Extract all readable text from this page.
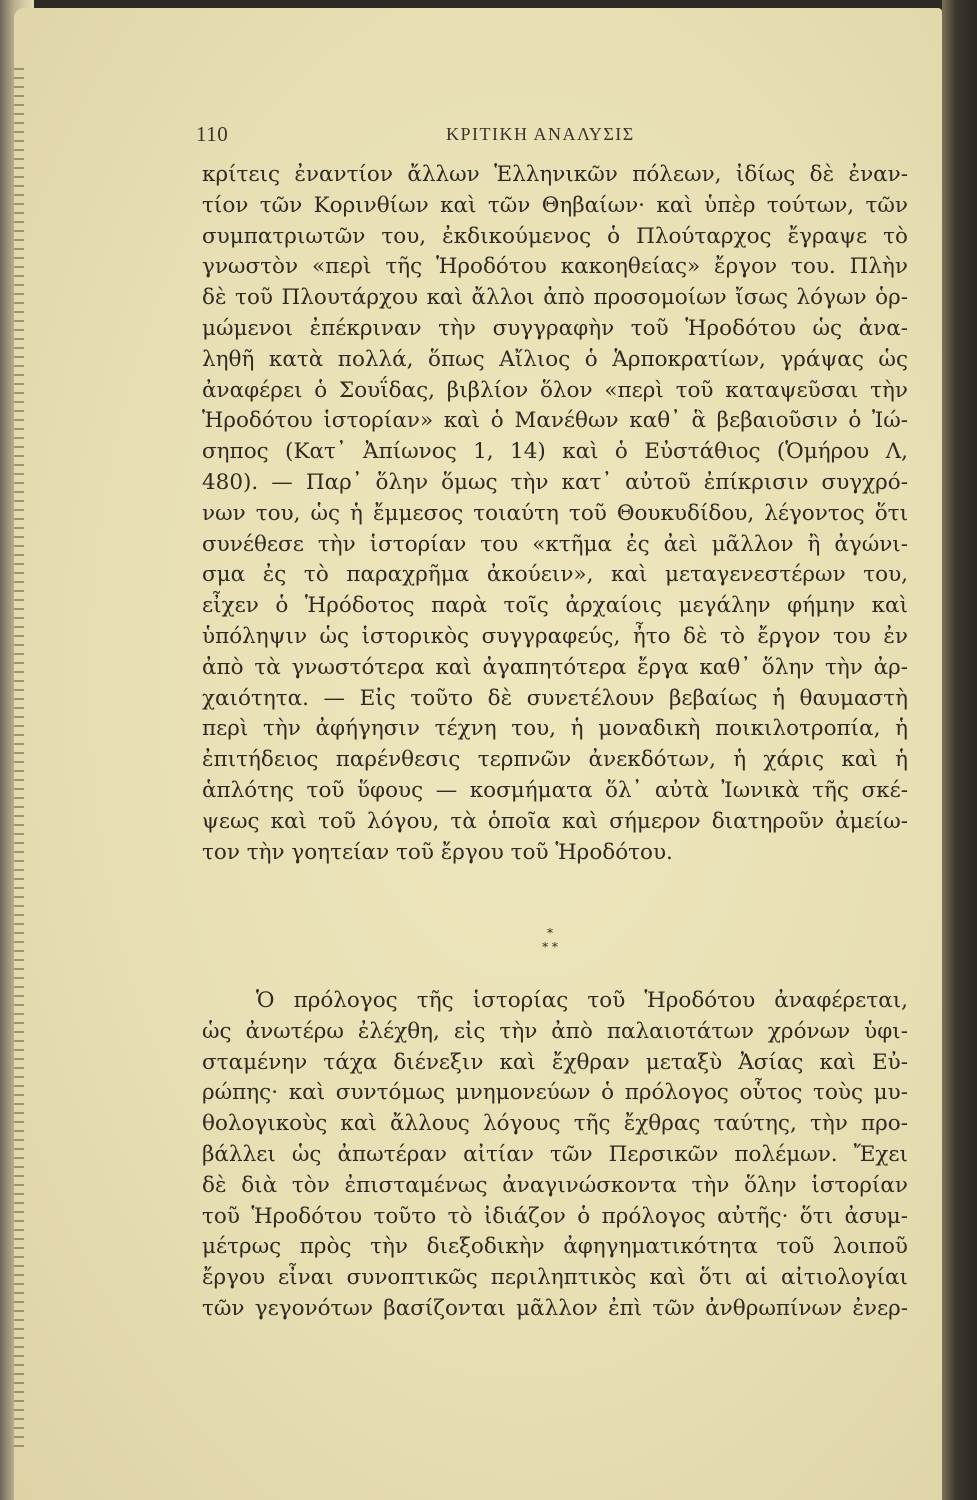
110	ΚΡΙΤΙΚΗ ΑΝΑΛΥΣΙΣ
κρίτεις ἐναντίον ἄλλων Ἑλληνικῶν πόλεων, ἰδίως δὲ ἐναν-
τίον τῶν Κορινθίων καὶ τῶν Θηβαίων· καὶ ὑπὲρ τούτων, τῶν
συμπατριωτῶν του, ἐκδικούμενος ὁ Πλούταρχος ἔγραψε τὸ
γνωστὸν «περὶ τῆς Ἡροδότου κακοηθείας» ἔργον του. Πλὴν
δὲ τοῦ Πλουτάρχου καὶ ἄλλοι ἀπὸ προσομοίων ἴσως λόγων ὁρ-
μώμενοι ἐπέκριναν τὴν συγγραφὴν τοῦ Ἡροδότου ὡς ἀνα-
ληθῆ κατὰ πολλά, ὅπως Αἴλιος ὁ Ἁρποκρατίων, γράψας ὡς
ἀναφέρει ὁ Σουΐδας, βιβλίον ὅλον «περὶ τοῦ καταψεῦσαι τὴν
Ἡροδότου ἱστορίαν» καὶ ὁ Μανέθων καθ᾽ ἃ βεβαιοῦσιν ὁ Ἰώ-
σηπος (Κατ᾽ Ἀπίωνος 1, 14) καὶ ὁ Εὐστάθιος (Ὁμήρου Λ,
480). — Παρ᾽ ὅλην ὅμως τὴν κατ᾽ αὐτοῦ ἐπίκρισιν συγχρό-
νων του, ὡς ἡ ἔμμεσος τοιαύτη τοῦ Θουκυδίδου, λέγοντος ὅτι
συνέθεσε τὴν ἱστορίαν του «κτῆμα ἐς ἀεὶ μᾶλλον ἢ ἀγώνι-
σμα ἐς τὸ παραχρῆμα ἀκούειν», καὶ μεταγενεστέρων του,
εἶχεν ὁ Ἡρόδοτος παρὰ τοῖς ἀρχαίοις μεγάλην φήμην καὶ
ὑπόληψιν ὡς ἱστορικὸς συγγραφεύς, ἦτο δὲ τὸ ἔργον του ἐν
ἀπὸ τὰ γνωστότερα καὶ ἀγαπητότερα ἔργα καθ᾽ ὅλην τὴν ἀρ-
χαιότητα. — Εἰς τοῦτο δὲ συνετέλουν βεβαίως ἡ θαυμαστὴ
περὶ τὴν ἀφήγησιν τέχνη του, ἡ μοναδικὴ ποικιλοτροπία, ἡ
ἐπιτήδειος παρένθεσις τερπνῶν ἀνεκδότων, ἡ χάρις καὶ ἡ
ἁπλότης τοῦ ὕφους — κοσμήματα ὅλ᾽ αὐτὰ Ἰωνικὰ τῆς σκέ-
ψεως καὶ τοῦ λόγου, τὰ ὁποῖα καὶ σήμερον διατηροῦν ἀμείω-
τον τὴν γοητείαν τοῦ ἔργου τοῦ Ἡροδότου.
*
* *
Ὁ πρόλογος τῆς ἱστορίας τοῦ Ἡροδότου ἀναφέρεται,
ὡς ἀνωτέρω ἐλέχθη, εἰς τὴν ἀπὸ παλαιοτάτων χρόνων ὑφι-
σταμένην τάχα διένεξιν καὶ ἔχθραν μεταξὺ Ἀσίας καὶ Εὐ-
ρώπης· καὶ συντόμως μνημονεύων ὁ πρόλογος οὗτος τοὺς μυ-
θολογικοὺς καὶ ἄλλους λόγους τῆς ἔχθρας ταύτης, τὴν προ-
βάλλει ὡς ἀπωτέραν αἰτίαν τῶν Περσικῶν πολέμων. Ἔχει
δὲ διὰ τὸν ἐπισταμένως ἀναγινώσκοντα τὴν ὅλην ἱστορίαν
τοῦ Ἡροδότου τοῦτο τὸ ἰδιάζον ὁ πρόλογος αὐτῆς· ὅτι ἀσυμ-
μέτρως πρὸς τὴν διεξοδικὴν ἀφηγηματικότητα τοῦ λοιποῦ
ἔργου εἶναι συνοπτικῶς περιληπτικὸς καὶ ὅτι αἱ αἰτιολογίαι
τῶν γεγονότων βασίζονται μᾶλλον ἐπὶ τῶν ἀνθρωπίνων ἐνερ-
